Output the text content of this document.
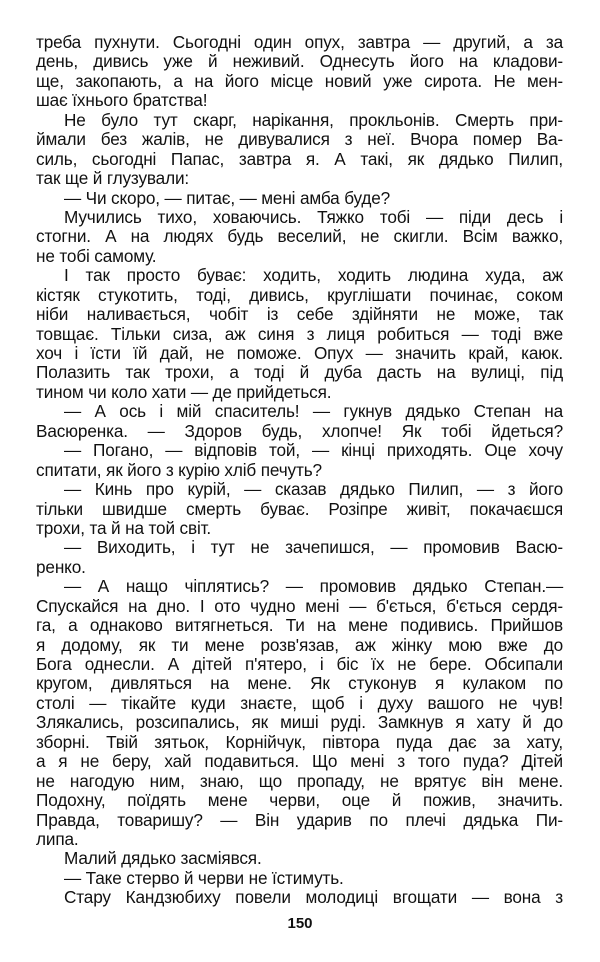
треба пухнути. Сьогодні один опух, завтра — другий, а за
день, дивись уже й неживий. Однесуть його на кладови-
ще, закопають, а на його місце новий уже сирота. Не мен-
шає їхнього братства!
Не було тут скарг, нарікання, прокльонів. Смерть при-
ймали без жалів, не дивувалися з неї. Вчора помер Ва-
силь, сьогодні Папас, завтра я. А такі, як дядько Пилип,
так ще й глузували:
— Чи скоро, — питає, — мені амба буде?
Мучились тихо, ховаючись. Тяжко тобі — піди десь і
стогни. А на людях будь веселий, не скигли. Всім важко,
не тобі самому.
І так просто буває: ходить, ходить людина худа, аж
кістяк стукотить, тоді, дивись, круглішати починає, соком
ніби наливається, чобіт із себе здійняти не може, так
товщає. Тільки сиза, аж синя з лиця робиться — тоді вже
хоч і їсти їй дай, не поможе. Опух — значить край, каюк.
Полазить так трохи, а тоді й дуба дасть на вулиці, під
тином чи коло хати — де прийдеться.
— А ось і мій спаситель! — гукнув дядько Степан на
Васюренка. — Здоров будь, хлопче! Як тобі йдеться?
— Погано, — відповів той, — кінці приходять. Оце хочу
спитати, як його з курію хліб печуть?
— Кинь про курій, — сказав дядько Пилип, — з його
тільки швидше смерть буває. Розіпре живіт, покачаєшся
трохи, та й на той світ.
— Виходить, і тут не зачепишся, — промовив Васю-
ренко.
— А нащо чіплятись? — промовив дядько Степан.—
Спускайся на дно. І ото чудно мені — б'ється, б'ється сердя-
га, а однаково витягнеться. Ти на мене подивись. Прийшов
я додому, як ти мене розв'язав, аж жінку мою вже до
Бога однесли. А дітей п'ятеро, і біс їх не бере. Обсипали
кругом, дивляться на мене. Як стуконув я кулаком по
столі — тікайте куди знаєте, щоб і духу вашого не чув!
Злякались, розсипались, як миші руді. Замкнув я хату й до
зборні. Твій зятьок, Корнійчук, півтора пуда дає за хату,
а я не беру, хай подавиться. Що мені з того пуда? Дітей
не нагодую ним, знаю, що пропаду, не врятує він мене.
Подохну, поїдять мене черви, оце й пожив, значить.
Правда, товаришу? — Він ударив по плечі дядька Пи-
липа.
Малий дядько засміявся.
— Таке стерво й черви не їстимуть.
Стару Кандзюбиху повели молодиці вгощати — вона з
150
